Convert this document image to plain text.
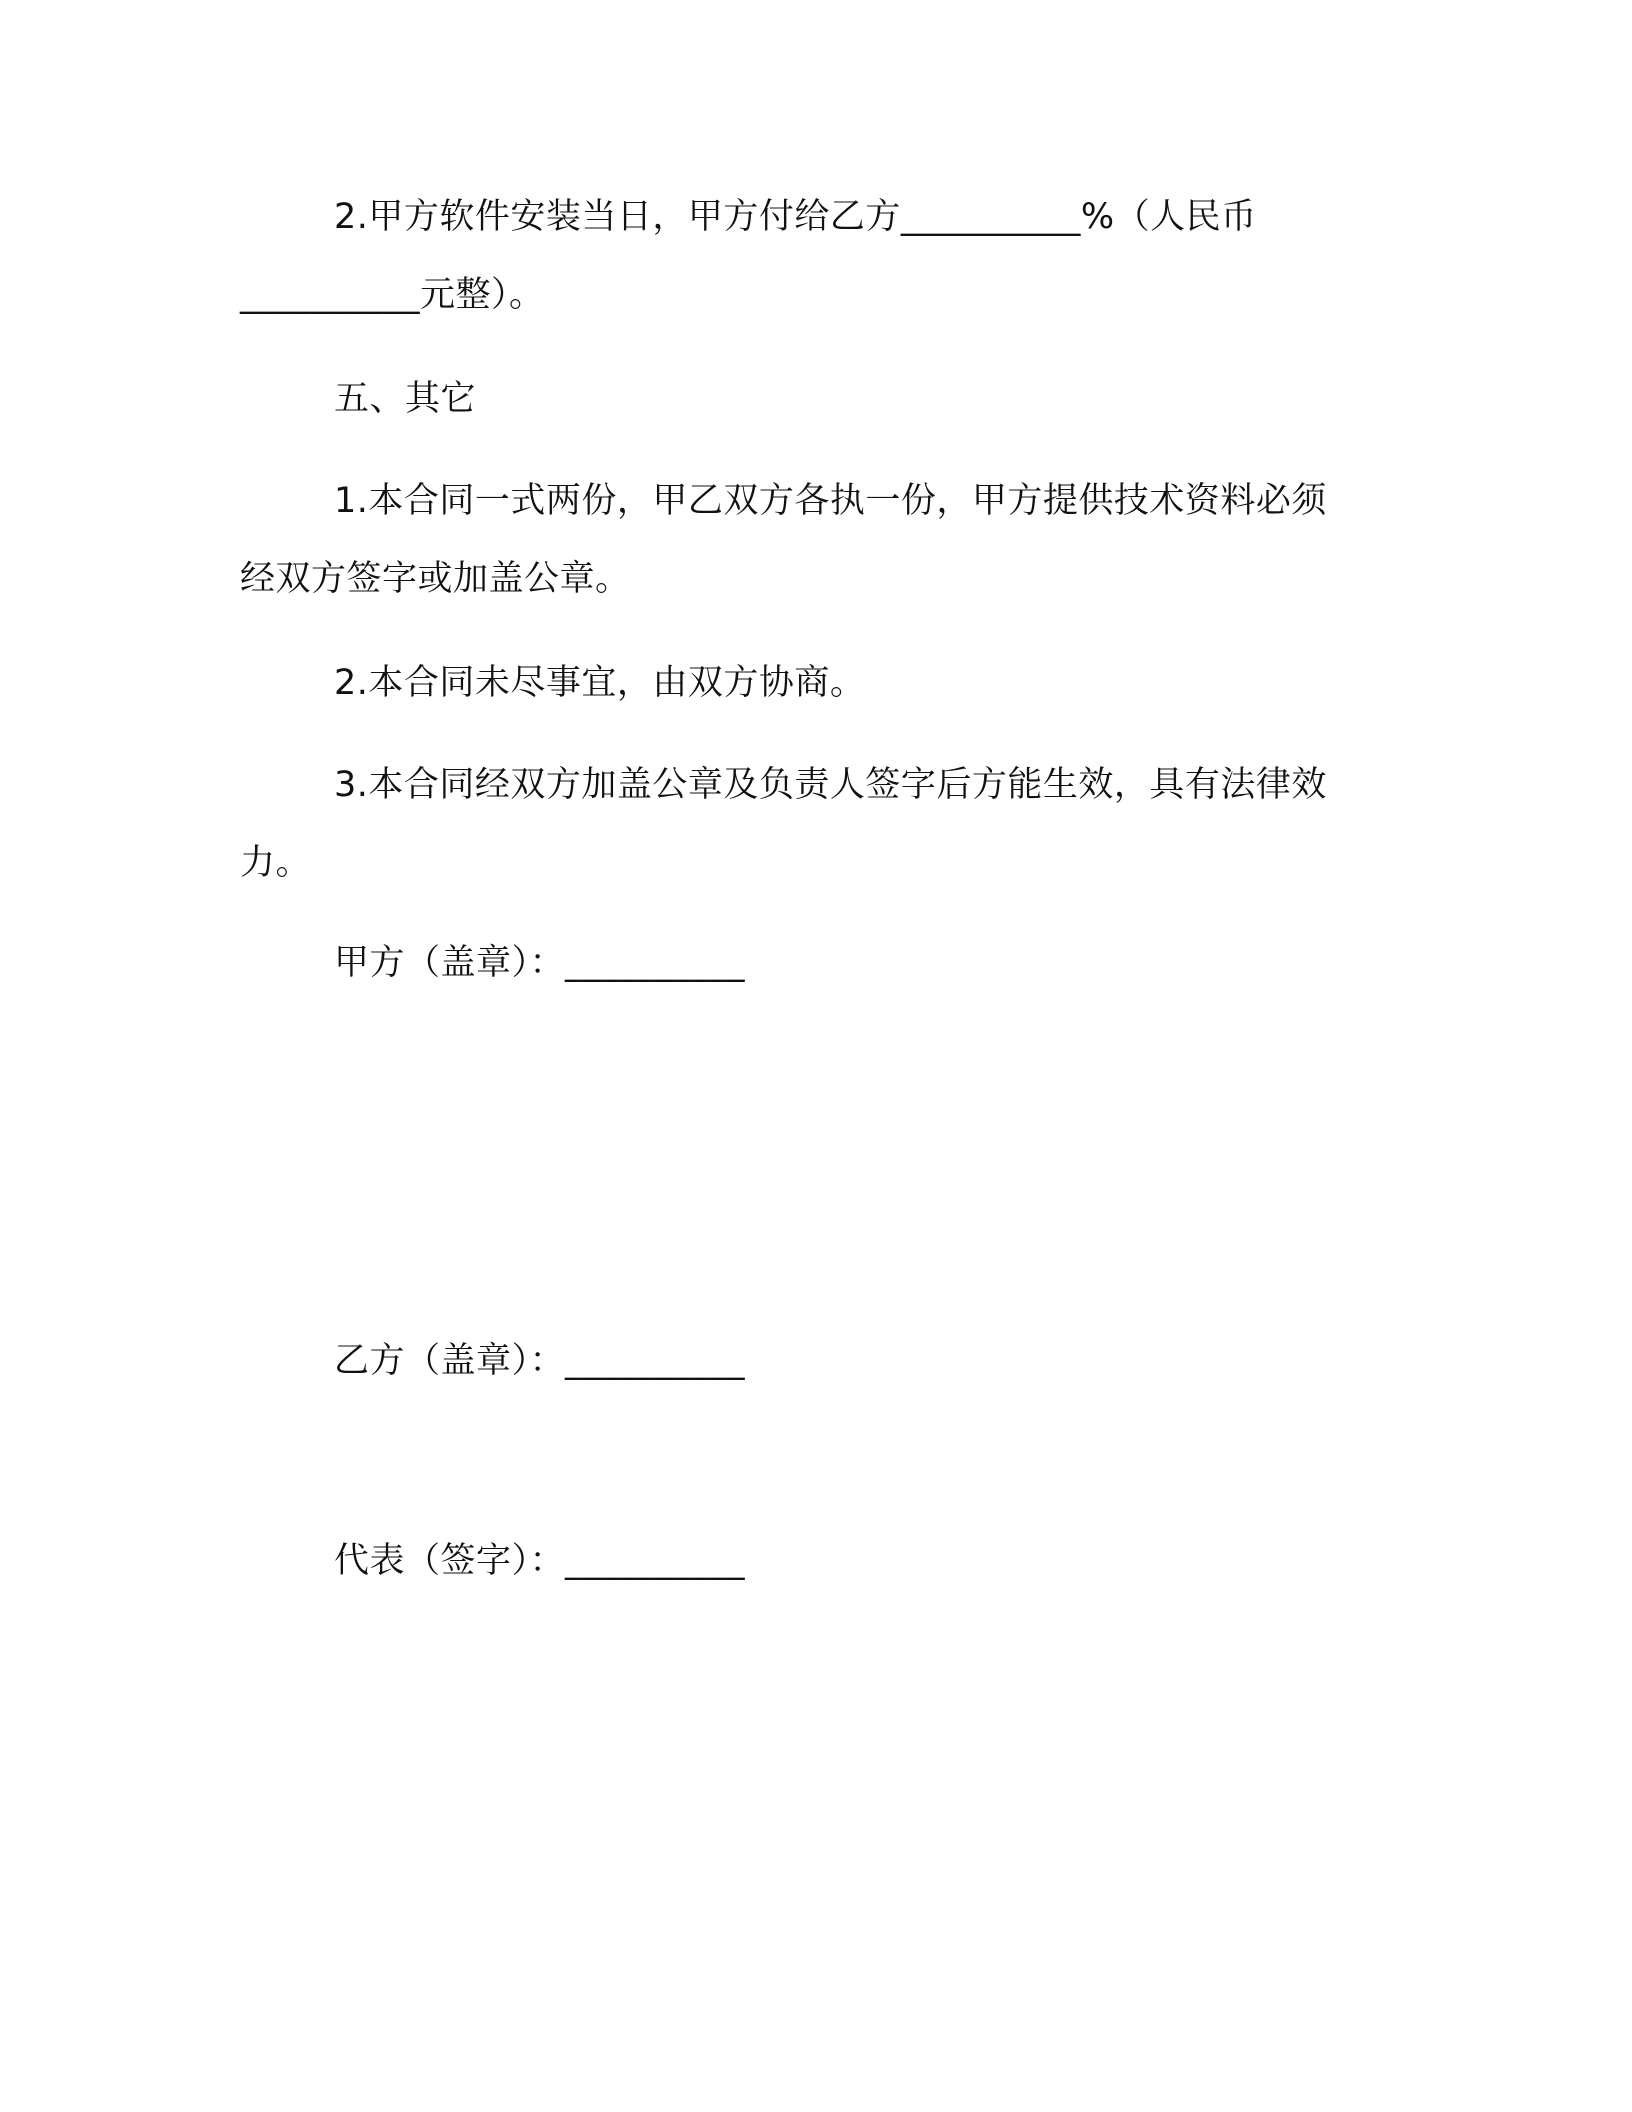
2.甲方软件安装当日，甲方付给乙方__________%（人民币
__________元整）。
五、其它
1.本合同一式两份，甲乙双方各执一份，甲方提供技术资料必须
经双方签字或加盖公章。
2.本合同未尽事宜，由双方协商。
3.本合同经双方加盖公章及负责人签字后方能生效，具有法律效
力。

甲方（盖章）：__________

乙方（盖章）：__________

代表（签字）：__________
